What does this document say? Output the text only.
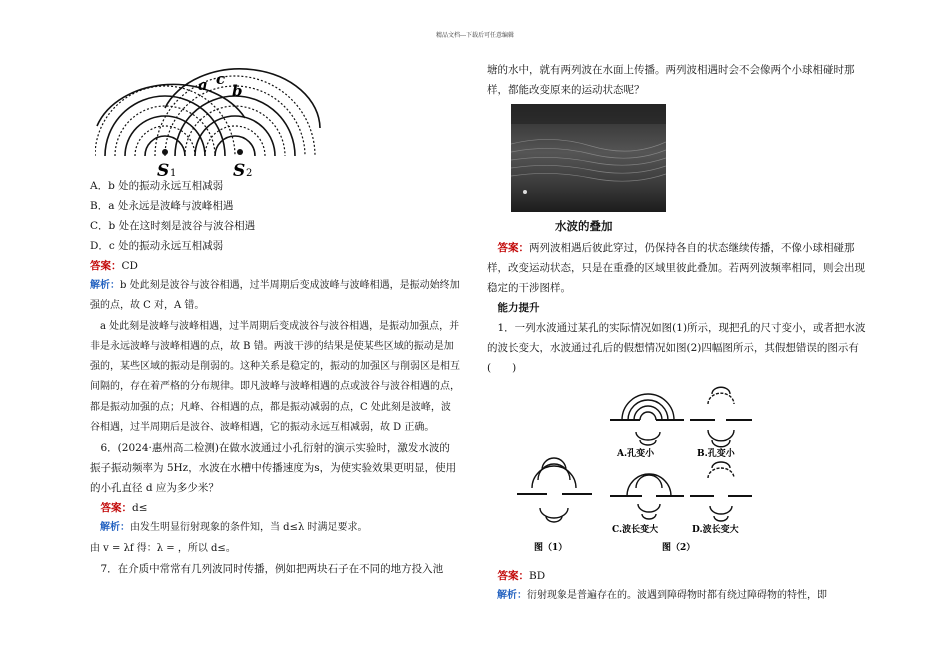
精品文档---下载后可任意编辑
a c
b
S 1	S 2

A．b 处的振动永远互相减弱

B．a 处永远是波峰与波峰相遇

C．b 处在这时刻是波谷与波谷相遇

D．c 处的振动永远互相减弱

答案：CD

解析：b 处此刻是波谷与波谷相遇，过半周期后变成波峰与波峰相遇，是振动始终加强的点，故 C 对，A 错。

a 处此刻是波峰与波峰相遇，过半周期后变成波谷与波谷相遇，是振动加强点，并非是永远波峰与波峰相遇的点，故 B 错。两波干涉的结果是使某些区域的振动是加强的，某些区域的振动是削弱的。这种关系是稳定的，振动的加强区与削弱区是相互间隔的，存在着严格的分布规律。即凡波峰与波峰相遇的点或波谷与波谷相遇的点，都是振动加强的点；凡峰、谷相遇的点，都是振动减弱的点，C 处此刻是波峰，波谷相遇，过半周期后是波谷、波峰相遇，它的振动永远互相减弱，故 D 正确。

6．(2024·惠州高二检测)在做水波通过小孔衍射的演示实验时，激发水波的振子振动频率为 5Hz，水波在水槽中传播速度为s，为使实验效果更明显，使用的小孔直径 d 应为多少米？

答案：d≤

解析：由发生明显衍射现象的条件知，当 d≤λ 时满足要求。

由 v = λf 得：λ = ，所以 d≤。

7．在介质中常常有几列波同时传播，例如把两块石子在不同的地方投入池

塘的水中，就有两列波在水面上传播。两列波相遇时会不会像两个小球相碰时那样，都能改变原来的运动状态呢？

水波的叠加

答案：两列波相遇后彼此穿过，仍保持各自的状态继续传播，不像小球相碰那样，改变运动状态，只是在重叠的区域里彼此叠加。若两列波频率相同，则会出现稳定的干涉图样。

能力提升

1．一列水波通过某孔的实际情况如图(1)所示，现把孔的尺寸变小，或者把水波的波长变大，水波通过孔后的假想情况如图(2)四幅图所示，其假想错误的图示有(　　)

A.孔变小	B.孔变小
C.波长变大	D.波长变大
图（1）	图（2）

答案：BD

解析：衍射现象是普遍存在的。波遇到障碍物时都有绕过障碍物的特性，即
